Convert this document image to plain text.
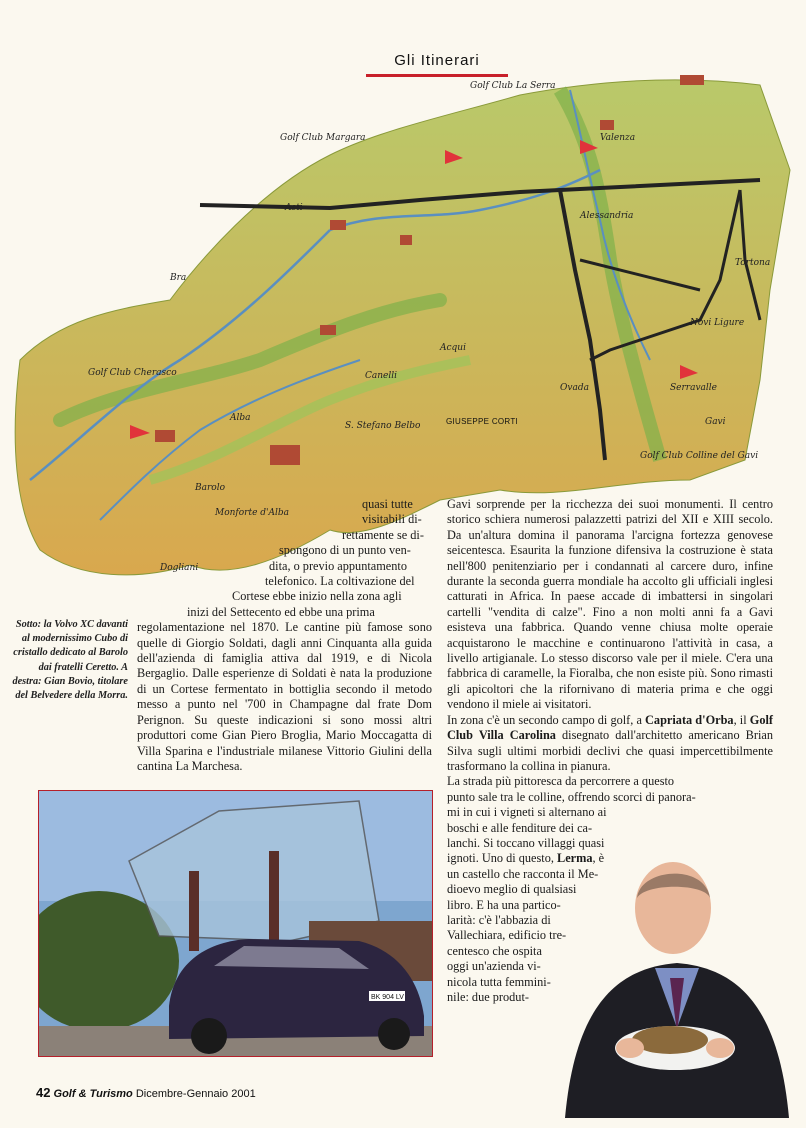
Gli Itinerari
Golf Club La Serra
Valenza
Golf Club Margara
Asti
Alessandria
Golf Club Cherasco
Alba
Barolo
Monforte d'Alba
Dogliani
S. Stefano Belbo
Canelli
Gavi
Tortona
Novi Ligure
Golf Club Colline del Gavi
Bra
Acqui
Ovada	Serravalle
GIUSEPPE CORTI
quasi tutte
visitabili di-
rettamente se di-
spongono di un punto ven-
dita, o previo appuntamento
telefonico. La coltivazione del
Cortese ebbe inizio nella zona agli
inizi del Settecento ed ebbe una prima

regolamentazione nel 1870. Le cantine più famose sono quelle di Giorgio Soldati, dagli anni Cinquanta alla guida dell'azienda di famiglia attiva dal 1919, e di Nicola Bergaglio. Dalle esperienze di Soldati è nata la produzione di un Cortese fermentato in bottiglia secondo il metodo messo a punto nel '700 in Champagne dal frate Dom Perignon. Su queste indicazioni si sono mossi altri produttori come Gian Piero Broglia, Mario Moccagatta di Villa Sparina e l'industriale milanese Vittorio Giulini della cantina La Marchesa.

Sotto: la Volvo XC davanti al modernissimo Cubo di cristallo dedicato al Barolo dai fratelli Ceretto. A destra: Gian Bovio, titolare del Belvedere della Morra.
BK 904 LV

Gavi sorprende per la ricchezza dei suoi monumenti. Il centro storico schiera numerosi palazzetti patrizi del XII e XIII secolo. Da un'altura domina il panorama l'arcigna fortezza genovese seicentesca. Esaurita la funzione difensiva la costruzione è stata nell'800 penitenziario per i condannati al carcere duro, infine durante la seconda guerra mondiale ha accolto gli ufficiali inglesi catturati in Africa. In paese accade di imbattersi in singolari cartelli "vendita di calze". Fino a non molti anni fa a Gavi esisteva una fabbrica. Quando venne chiusa molte operaie acquistarono le macchine e continuarono l'attività in casa, a livello artigianale. Lo stesso discorso vale per il miele. C'era una fabbrica di caramelle, la Fioralba, che non esiste più. Sono rimasti gli apicoltori che la rifornivano di materia prima e che oggi vendono il miele ai visitatori.

In zona c'è un secondo campo di golf, a Capriata d'Orba, il Golf Club Villa Carolina disegnato dall'architetto americano Brian Silva sugli ultimi morbidi declivi che quasi impercettibilmente trasformano la collina in pianura.

La strada più pittoresca da percorrere a questo
punto sale tra le colline, offrendo scorci di panora-
mi in cui i vigneti si alternano ai
boschi e alle fenditure dei ca-
lanchi. Si toccano villaggi quasi
ignoti. Uno di questo, Lerma, è
un castello che racconta il Me-
dioevo meglio di qualsiasi
libro. E ha una partico-
larità: c'è l'abbazia di
Vallechiara, edificio tre-
centesco che ospita
oggi un'azienda vi-
nicola tutta femmini-
nile: due produt-
42 Golf & Turismo Dicembre-Gennaio 2001
